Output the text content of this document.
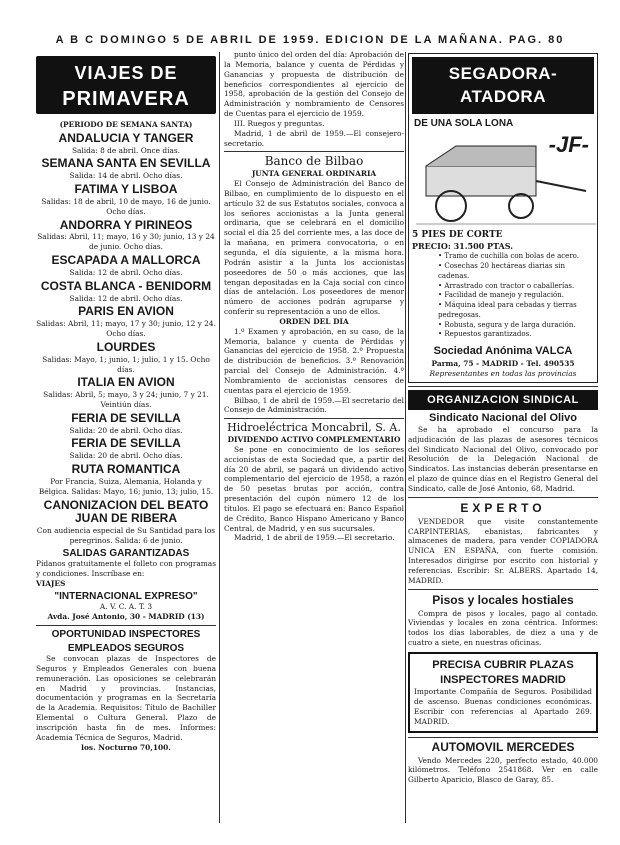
A B C DOMINGO 5 DE ABRIL DE 1959. EDICION DE LA MAÑANA. PAG. 80
VIAJES DE
PRIMAVERA
(PERIODO DE SEMANA SANTA)
ANDALUCIA Y TANGER
Salida: 8 de abril. Once días.
SEMANA SANTA EN SEVILLA
Salida: 14 de abril. Ocho días.
FATIMA Y LISBOA
Salidas: 18 de abril, 10 de mayo, 16 de junio. Ocho días.
ANDORRA Y PIRINEOS
Salidas: Abril, 11; mayo, 16 y 30; junio, 13 y 24 de junio. Ocho días.
ESCAPADA A MALLORCA
Salida: 12 de abril. Ocho días.
COSTA BLANCA - BENIDORM
Salida: 12 de abril. Ocho días.
PARIS EN AVION
Salidas: Abril, 11; mayo, 17 y 30; junio, 12 y 24. Ocho días.
LOURDES
Salidas: Mayo, 1; junio, 1; julio, 1 y 15. Ocho días.
ITALIA EN AVION
Salidas: Abril, 5; mayo, 3 y 24; junio, 7 y 21. Veintiún días.
FERIA DE SEVILLA
Salida: 20 de abril. Ocho días.
FERIA DE SEVILLA
Salida: 20 de abril. Ocho días.
RUTA ROMANTICA
Por Francia, Suiza, Alemania, Holanda y Bélgica. Salidas: Mayo, 16; junio, 13; julio, 15.
CANONIZACION DEL BEATO JUAN DE RIBERA
Con audiencia especial de Su Santidad para los peregrinos. Salida: 6 de junio.
SALIDAS GARANTIZADAS

Pídanos gratuitamente el folleto con programas y condiciones. Inscríbase en:

VIAJES
"INTERNACIONAL EXPRESO"
A. V. C. A. T. 3
Avda. José Antonio, 30 - MADRID (13)
OPORTUNIDAD INSPECTORES
EMPLEADOS SEGUROS

Se convocan plazas de Inspectores de Seguros y Empleados Generales con buena remuneración. Las oposiciones se celebrarán en Madrid y provincias. Instancias, documentación y programas en la Secretaría de la Academia. Requisitos: Título de Bachiller Elemental o Cultura General. Plazo de inscripción hasta fin de mes. Informes: Academia Técnica de Seguros, Madrid.

los. Nocturno 70,100.

punto único del orden del día: Aprobación de la Memoria, balance y cuenta de Pérdidas y Ganancias y propuesta de distribución de beneficios correspondientes al ejercicio de 1958, aprobación de la gestión del Consejo de Administración y nombramiento de Censores de Cuentas para el ejercicio de 1959.

III. Ruegos y preguntas.

Madrid, 1 de abril de 1959.—El consejero-secretario.

Banco de Bilbao
JUNTA GENERAL ORDINARIA

El Consejo de Administración del Banco de Bilbao, en cumplimiento de lo dispuesto en el artículo 32 de sus Estatutos sociales, convoca a los señores accionistas a la Junta general ordinaria, que se celebrará en el domicilio social el día 25 del corriente mes, a las doce de la mañana, en primera convocatoria, o en segunda, el día siguiente, a la misma hora. Podrán asistir a la Junta los accionistas poseedores de 50 o más acciones, que las tengan depositadas en la Caja social con cinco días de antelación. Los poseedores de menor número de acciones podrán agruparse y conferir su representación a uno de ellos.

ORDEN DEL DIA

1.º Examen y aprobación, en su caso, de la Memoria, balance y cuenta de Pérdidas y Ganancias del ejercicio de 1958. 2.º Propuesta de distribución de beneficios. 3.º Renovación parcial del Consejo de Administración. 4.º Nombramiento de accionistas censores de cuentas para el ejercicio de 1959.

Bilbao, 1 de abril de 1959.—El secretario del Consejo de Administración.

Hidroeléctrica Moncabril, S. A.
DIVIDENDO ACTIVO COMPLEMENTARIO

Se pone en conocimiento de los señores accionistas de esta Sociedad que, a partir del día 20 de abril, se pagará un dividendo activo complementario del ejercicio de 1958, a razón de 50 pesetas brutas por acción, contra presentación del cupón número 12 de los títulos. El pago se efectuará en: Banco Español de Crédito, Banco Hispano Americano y Banco Central, de Madrid, y en sus sucursales.

Madrid, 1 de abril de 1959.—El secretario.

SEGADORA-ATADORA
DE UNA SOLA LONA
-JF-
5 PIES DE CORTE
PRECIO: 31.500 PTAS.
• Tramo de cuchilla con bolas de acero.
• Cosechas 20 hectáreas diarias sin cadenas.
• Arrastrado con tractor o caballerías.
• Facilidad de manejo y regulación.
• Máquina ideal para cebadas y tierras pedregosas.
• Robusta, segura y de larga duración.
• Repuestos garantizados.
Sociedad Anónima VALCA
Parma, 75 - MADRID - Tel. 490535
Representantes en todas las provincias
ORGANIZACION SINDICAL
Sindicato Nacional del Olivo

Se ha aprobado el concurso para la adjudicación de las plazas de asesores técnicos del Sindicato Nacional del Olivo, convocado por Resolución de la Delegación Nacional de Sindicatos. Las instancias deberán presentarse en el plazo de quince días en el Registro General del Sindicato, calle de José Antonio, 68, Madrid.

EXPERTO

VENDEDOR que visite constantemente CARPINTERIAS, ebanistas, fabricantes y almacenes de madera, para vender COPIADORA UNICA EN ESPAÑA, con fuerte comisión. Interesados dirigirse por escrito con historial y referencias. Escribir: Sr. ALBERS. Apartado 14, MADRID.

Pisos y locales hostiales

Compra de pisos y locales, pago al contado. Viviendas y locales en zona céntrica. Informes: todos los días laborables, de diez a una y de cuatro a siete, en nuestras oficinas.

PRECISA CUBRIR PLAZAS
INSPECTORES MADRID

Importante Compañía de Seguros. Posibilidad de ascenso. Buenas condiciones económicas. Escribir con referencias al Apartado 269. MADRID.

AUTOMOVIL MERCEDES

Vendo Mercedes 220, perfecto estado, 40.000 kilómetros. Teléfono 2541868. Ver en calle Gilberto Aparicio, Blasco de Garay, 85.
